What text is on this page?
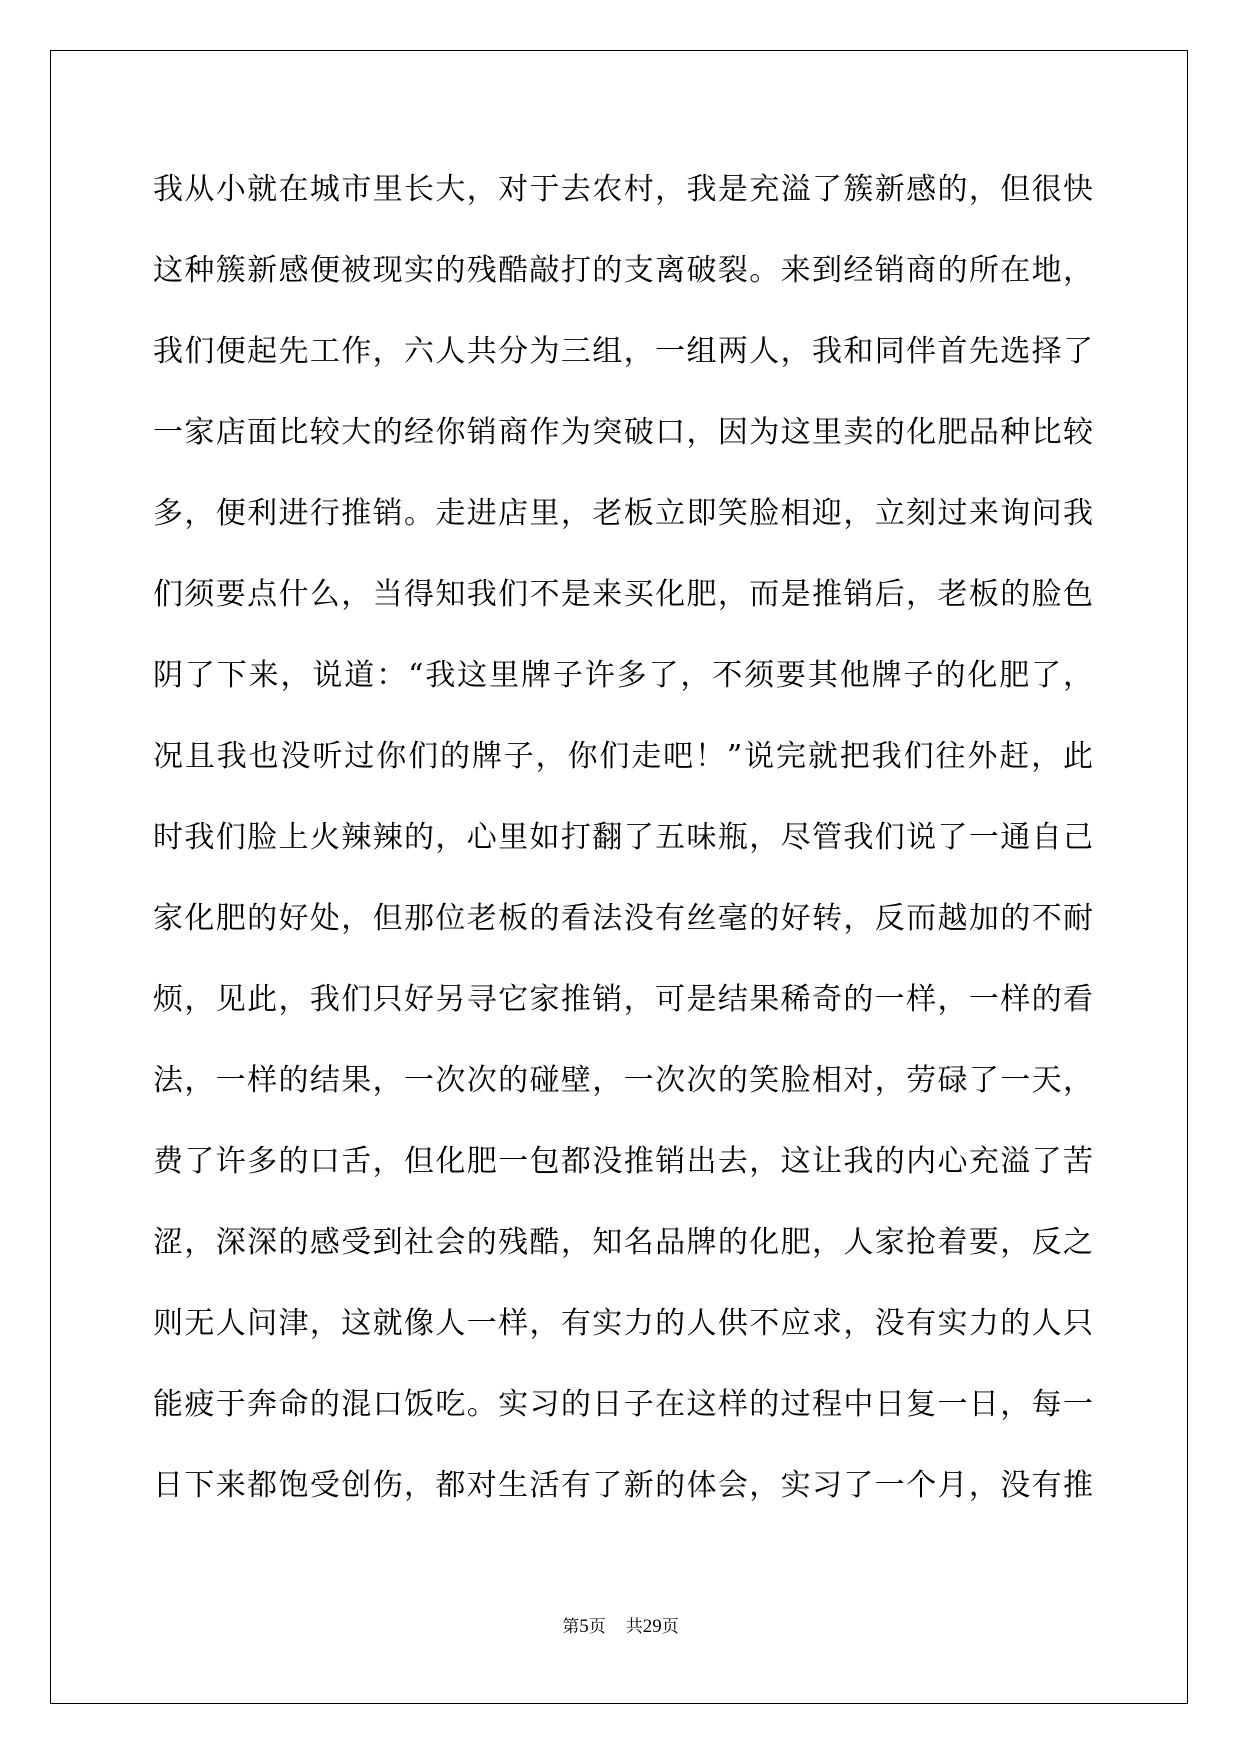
我从小就在城市里长大，对于去农村，我是充溢了簇新感的，但很快
这种簇新感便被现实的残酷敲打的支离破裂。来到经销商的所在地，
我们便起先工作，六人共分为三组，一组两人，我和同伴首先选择了
一家店面比较大的经你销商作为突破口，因为这里卖的化肥品种比较
多，便利进行推销。走进店里，老板立即笑脸相迎，立刻过来询问我
们须要点什么，当得知我们不是来买化肥，而是推销后，老板的脸色
阴了下来，说道：“我这里牌子许多了，不须要其他牌子的化肥了，
况且我也没听过你们的牌子，你们走吧！”说完就把我们往外赶，此
时我们脸上火辣辣的，心里如打翻了五味瓶，尽管我们说了一通自己
家化肥的好处，但那位老板的看法没有丝毫的好转，反而越加的不耐
烦，见此，我们只好另寻它家推销，可是结果稀奇的一样，一样的看
法，一样的结果，一次次的碰壁，一次次的笑脸相对，劳碌了一天，
费了许多的口舌，但化肥一包都没推销出去，这让我的内心充溢了苦
涩，深深的感受到社会的残酷，知名品牌的化肥，人家抢着要，反之
则无人问津，这就像人一样，有实力的人供不应求，没有实力的人只
能疲于奔命的混口饭吃。实习的日子在这样的过程中日复一日，每一
日下来都饱受创伤，都对生活有了新的体会，实习了一个月，没有推
第5页 共29页
